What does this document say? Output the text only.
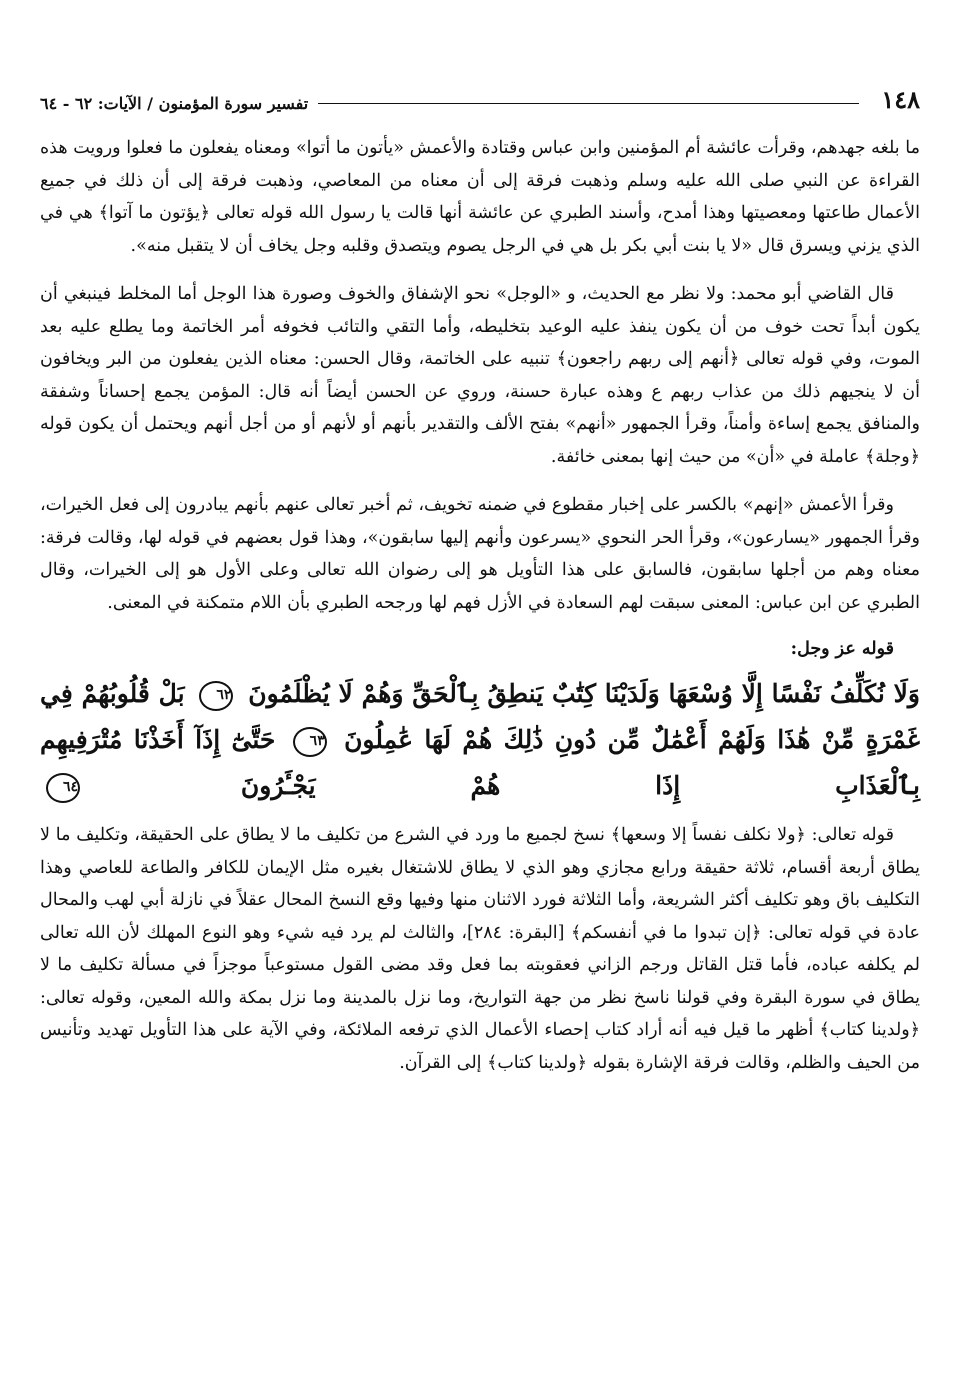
١٤٨
تفسير سورة المؤمنون / الآيات: ٦٢ - ٦٤

ما بلغه جهدهم، وقرأت عائشة أم المؤمنين وابن عباس وقتادة والأعمش «يأتون ما أتوا» ومعناه يفعلون ما فعلوا ورويت هذه القراءة عن النبي صلى الله عليه وسلم وذهبت فرقة إلى أن معناه من المعاصي، وذهبت فرقة إلى أن ذلك في جميع الأعمال طاعتها ومعصيتها وهذا أمدح، وأسند الطبري عن عائشة أنها قالت يا رسول الله قوله تعالى ﴿يؤتون ما آتوا﴾ هي في الذي يزني ويسرق قال «لا يا بنت أبي بكر بل هي في الرجل يصوم ويتصدق وقلبه وجل يخاف أن لا يتقبل منه».

قال القاضي أبو محمد: ولا نظر مع الحديث، و «الوجل» نحو الإشفاق والخوف وصورة هذا الوجل أما المخلط فينبغي أن يكون أبداً تحت خوف من أن يكون ينفذ عليه الوعيد بتخليطه، وأما التقي والتائب فخوفه أمر الخاتمة وما يطلع عليه بعد الموت، وفي قوله تعالى ﴿أنهم إلى ربهم راجعون﴾ تنبيه على الخاتمة، وقال الحسن: معناه الذين يفعلون من البر ويخافون أن لا ينجيهم ذلك من عذاب ربهم ع وهذه عبارة حسنة، وروي عن الحسن أيضاً أنه قال: المؤمن يجمع إحساناً وشفقة والمنافق يجمع إساءة وأمناً، وقرأ الجمهور «أنهم» بفتح الألف والتقدير بأنهم أو لأنهم أو من أجل أنهم ويحتمل أن يكون قوله ﴿وجلة﴾ عاملة في «أن» من حيث إنها بمعنى خائفة.

وقرأ الأعمش «إنهم» بالكسر على إخبار مقطوع في ضمنه تخويف، ثم أخبر تعالى عنهم بأنهم يبادرون إلى فعل الخيرات، وقرأ الجمهور «يسارعون»، وقرأ الحر النحوي «يسرعون وأنهم إليها سابقون»، وهذا قول بعضهم في قوله لها، وقالت فرقة: معناه وهم من أجلها سابقون، فالسابق على هذا التأويل هو إلى رضوان الله تعالى وعلى الأول هو إلى الخيرات، وقال الطبري عن ابن عباس: المعنى سبقت لهم السعادة في الأزل فهم لها ورجحه الطبري بأن اللام متمكنة في المعنى.

قوله عز وجل:
وَلَا نُكَلِّفُ نَفْسًا إِلَّا وُسْعَهَا وَلَدَيْنَا كِتَٰبٌ يَنطِقُ بِٱلْحَقِّ وَهُمْ لَا يُظْلَمُونَ ٦٢ بَلْ قُلُوبُهُمْ فِي غَمْرَةٍ مِّنْ هَٰذَا وَلَهُمْ أَعْمَٰلٌ مِّن دُونِ ذَٰلِكَ هُمْ لَهَا عَٰمِلُونَ ٦٣ حَتَّىٰٓ إِذَآ أَخَذْنَا مُتْرَفِيهِم بِٱلْعَذَابِ إِذَا هُمْ يَجْـَٔرُونَ ٦٤

قوله تعالى: ﴿ولا نكلف نفساً إلا وسعها﴾ نسخ لجميع ما ورد في الشرع من تكليف ما لا يطاق على الحقيقة، وتكليف ما لا يطاق أربعة أقسام، ثلاثة حقيقة ورابع مجازي وهو الذي لا يطاق للاشتغال بغيره مثل الإيمان للكافر والطاعة للعاصي وهذا التكليف باق وهو تكليف أكثر الشريعة، وأما الثلاثة فورد الاثنان منها وفيها وقع النسخ المحال عقلاً في نازلة أبي لهب والمحال عادة في قوله تعالى: ﴿إن تبدوا ما في أنفسكم﴾ [البقرة: ٢٨٤]، والثالث لم يرد فيه شيء وهو النوع المهلك لأن الله تعالى لم يكلفه عباده، فأما قتل القاتل ورجم الزاني فعقوبته بما فعل وقد مضى القول مستوعباً موجزاً في مسألة تكليف ما لا يطاق في سورة البقرة وفي قولنا ناسخ نظر من جهة التواريخ، وما نزل بالمدينة وما نزل بمكة والله المعين، وقوله تعالى: ﴿ولدينا كتاب﴾ أظهر ما قيل فيه أنه أراد كتاب إحصاء الأعمال الذي ترفعه الملائكة، وفي الآية على هذا التأويل تهديد وتأنيس من الحيف والظلم، وقالت فرقة الإشارة بقوله ﴿ولدينا كتاب﴾ إلى القرآن.
